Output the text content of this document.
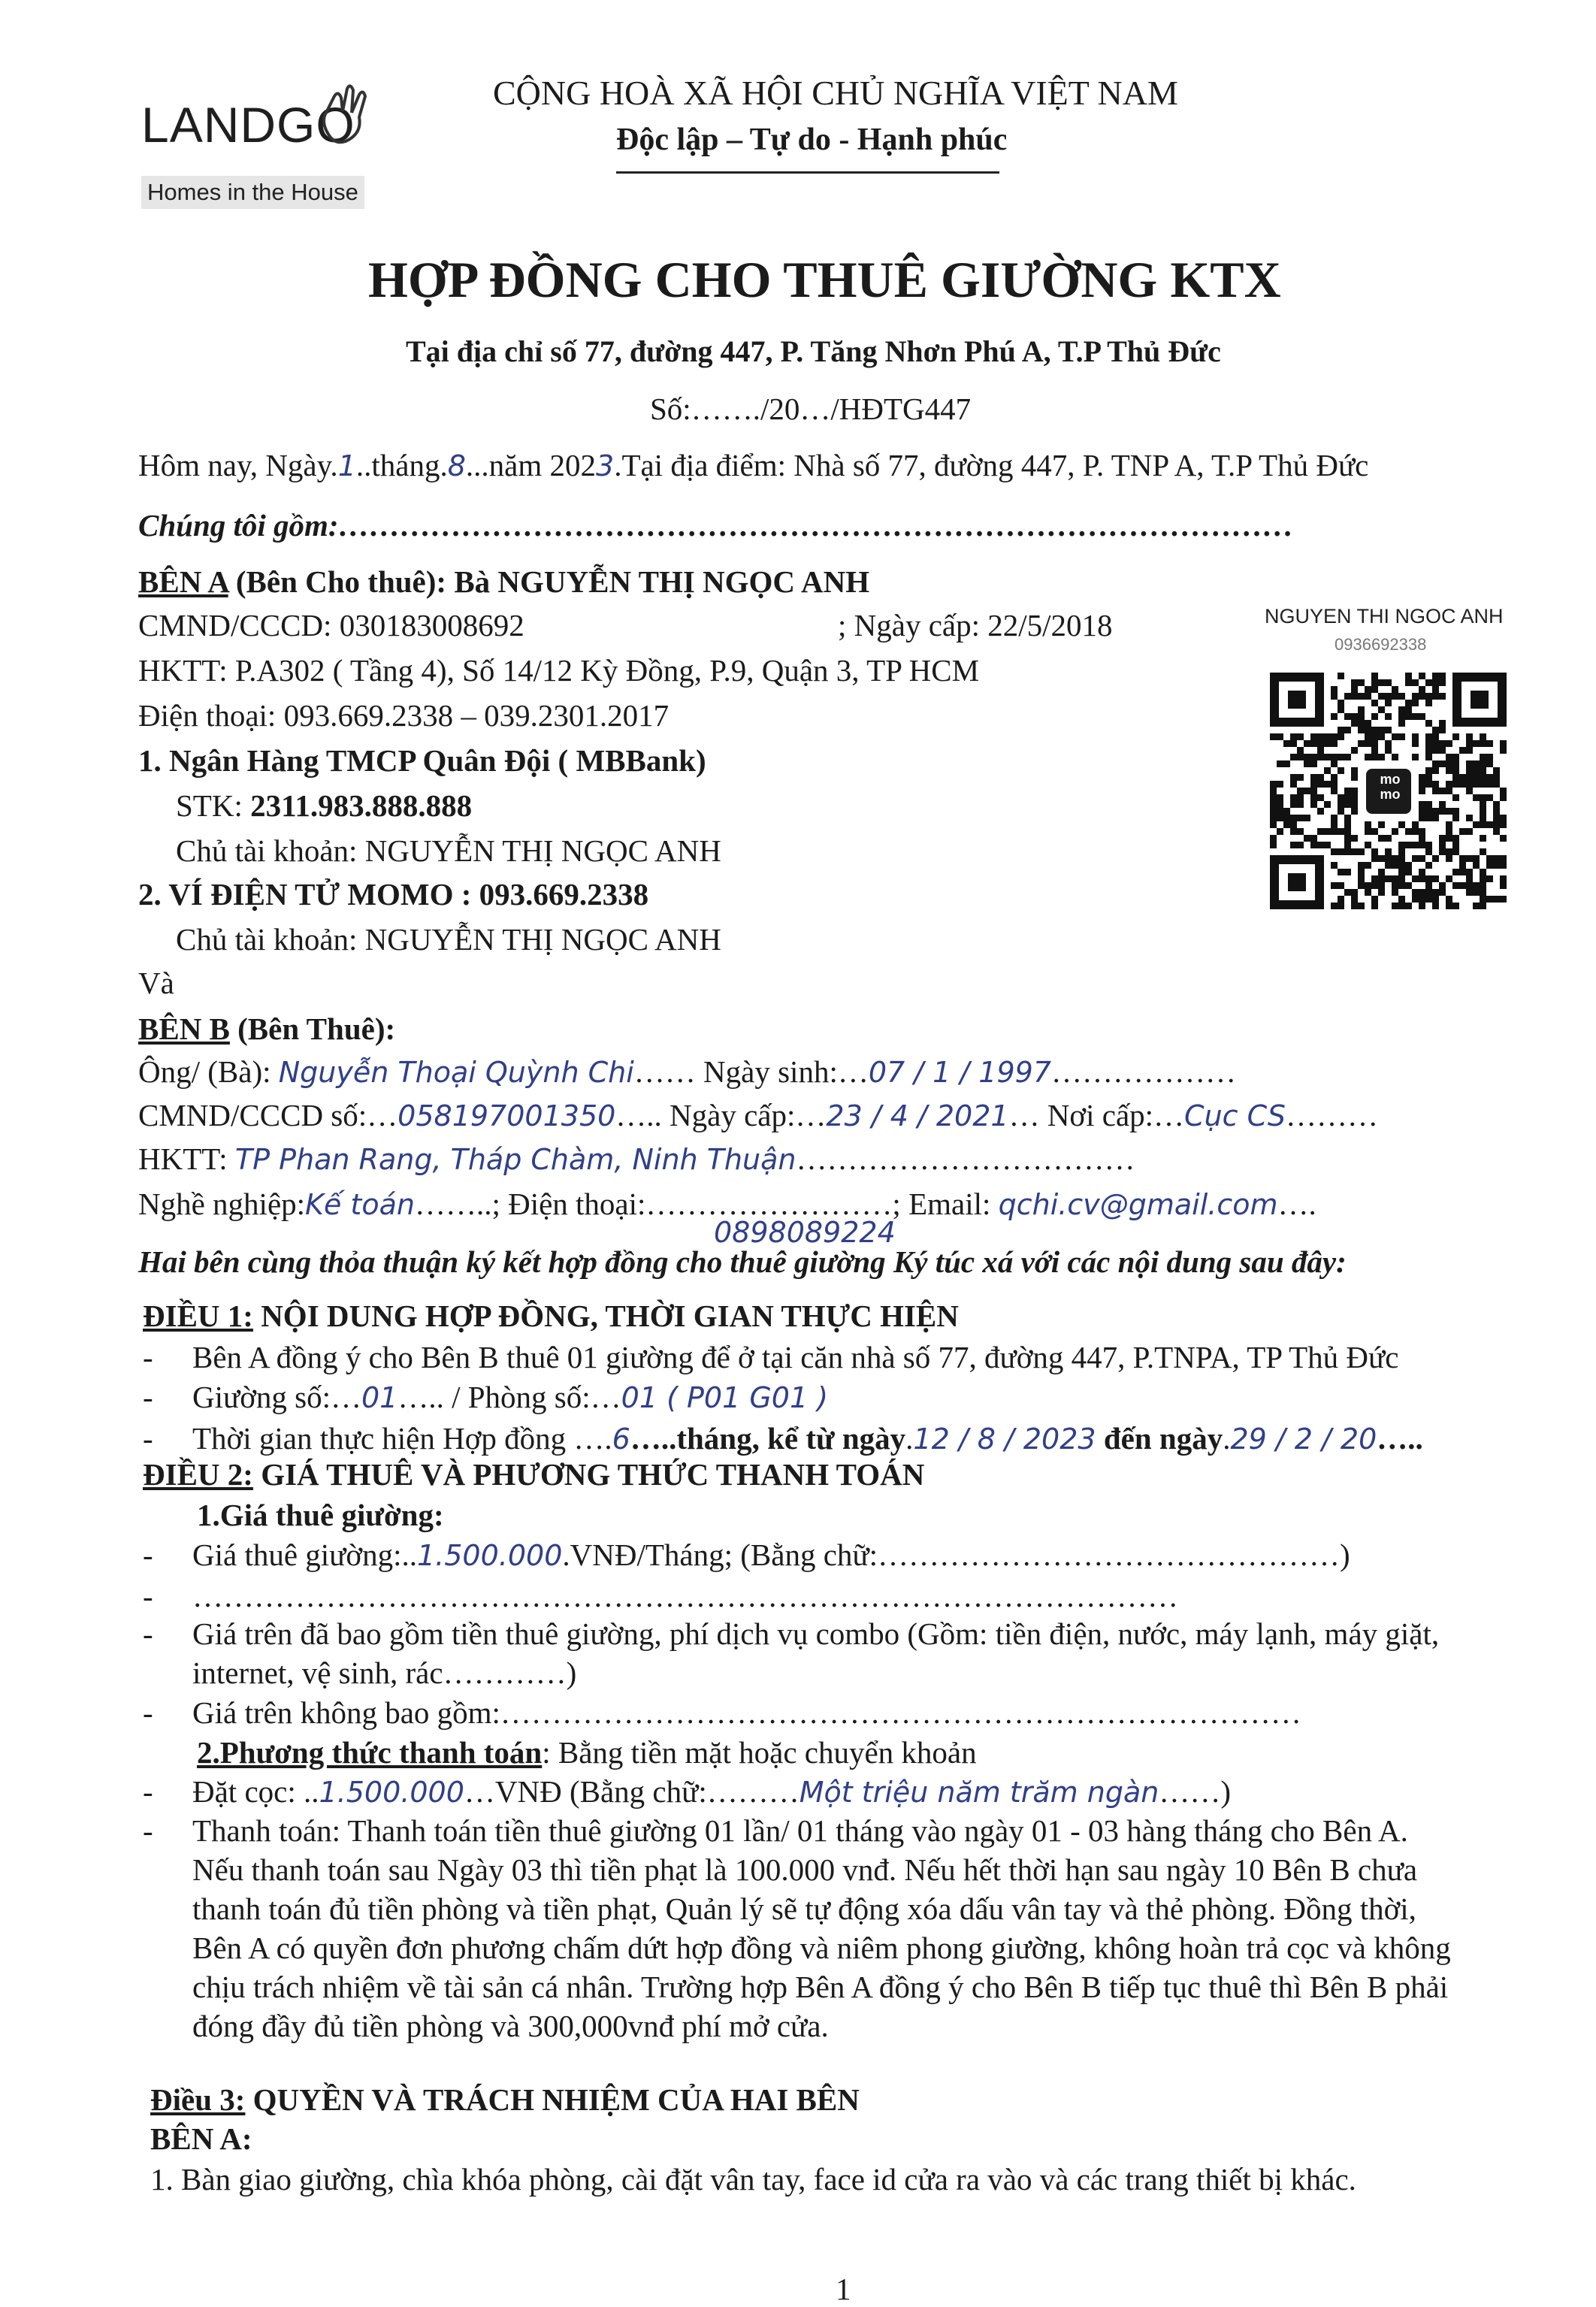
LANDGO
Homes in the House
CỘNG HOÀ XÃ HỘI CHỦ NGHĨA VIỆT NAM
Độc lập – Tự do - Hạnh phúc
HỢP ĐỒNG CHO THUÊ GIƯỜNG KTX
Tại địa chỉ số 77, đường 447, P. Tăng Nhơn Phú A, T.P Thủ Đức
Số:……./20…/HĐTG447
Hôm nay, Ngày.1..tháng.8...năm 2023.Tại địa điểm: Nhà số 77, đường 447, P. TNP A, T.P Thủ Đức
Chúng tôi gồm:…………………………………………………………………………………
BÊN A (Bên Cho thuê): Bà NGUYỄN THỊ NGỌC ANH
CMND/CCCD: 030183008692	; Ngày cấp: 22/5/2018
HKTT: P.A302 ( Tầng 4), Số 14/12 Kỳ Đồng, P.9, Quận 3, TP HCM
Điện thoại: 093.669.2338 – 039.2301.2017
1. Ngân Hàng TMCP Quân Đội ( MBBank)
STK: 2311.983.888.888
Chủ tài khoản: NGUYỄN THỊ NGỌC ANH
2. VÍ ĐIỆN TỬ MOMO : 093.669.2338
Chủ tài khoản: NGUYỄN THỊ NGỌC ANH
NGUYEN THI NGOC ANH
0936692338
mo mo
Và
BÊN B (Bên Thuê):
Ông/ (Bà): Nguyễn Thoại Quỳnh Chi…… Ngày sinh:…07 / 1 / 1997………………
CMND/CCCD số:…058197001350….. Ngày cấp:…23 / 4 / 2021… Nơi cấp:…Cục CS………
HKTT: TP Phan Rang, Tháp Chàm, Ninh Thuận……………………………
Nghề nghiệp:Kế toán……..; Điện thoại:……………………; Email: qchi.cv@gmail.com….
0898089224
Hai bên cùng thỏa thuận ký kết hợp đồng cho thuê giường Ký túc xá với các nội dung sau đây:
ĐIỀU 1: NỘI DUNG HỢP ĐỒNG, THỜI GIAN THỰC HIỆN
- Bên A đồng ý cho Bên B thuê 01 giường để ở tại căn nhà số 77, đường 447, P.TNPA, TP Thủ Đức
- Giường số:…01….. / Phòng số:…01 ( P01 G01 )
- Thời gian thực hiện Hợp đồng ….6…..tháng, kể từ ngày.12 / 8 / 2023 đến ngày.29 / 2 / 20…..
ĐIỀU 2: GIÁ THUÊ VÀ PHƯƠNG THỨC THANH TOÁN
1.Giá thuê giường:
- Giá thuê giường:..1.500.000.VNĐ/Tháng; (Bằng chữ:………………………………………)
- ……………………………………………………………………………………
- Giá trên đã bao gồm tiền thuê giường, phí dịch vụ combo (Gồm: tiền điện, nước, máy lạnh, máy giặt,
internet, vệ sinh, rác…………)
- Giá trên không bao gồm:……………………………………………………………………
2.Phương thức thanh toán: Bằng tiền mặt hoặc chuyển khoản
- Đặt cọc: ..1.500.000…VNĐ (Bằng chữ:………Một triệu năm trăm ngàn……)
- Thanh toán: Thanh toán tiền thuê giường 01 lần/ 01 tháng vào ngày 01 - 03 hàng tháng cho Bên A.
Nếu thanh toán sau Ngày 03 thì tiền phạt là 100.000 vnđ. Nếu hết thời hạn sau ngày 10 Bên B chưa
thanh toán đủ tiền phòng và tiền phạt, Quản lý sẽ tự động xóa dấu vân tay và thẻ phòng. Đồng thời,
Bên A có quyền đơn phương chấm dứt hợp đồng và niêm phong giường, không hoàn trả cọc và không
chịu trách nhiệm về tài sản cá nhân. Trường hợp Bên A đồng ý cho Bên B tiếp tục thuê thì Bên B phải
đóng đầy đủ tiền phòng và 300,000vnđ phí mở cửa.
Điều 3: QUYỀN VÀ TRÁCH NHIỆM CỦA HAI BÊN
BÊN A:
1. Bàn giao giường, chìa khóa phòng, cài đặt vân tay, face id cửa ra vào và các trang thiết bị khác.
1
